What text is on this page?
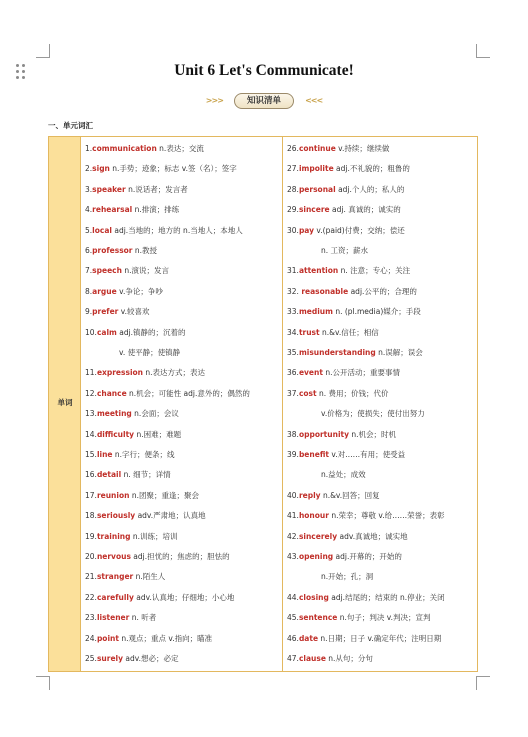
Unit 6 Let's Communicate!
>>>	知识清单	<<<
一、单元词汇
单词
1.communication n.表达；交流
2.sign n.手势；迹象；标志 v.签（名）；签字
3.speaker n.说话者；发言者
4.rehearsal n.排演；排练
5.local adj.当地的；地方的 n.当地人；本地人
6.professor n.教授
7.speech n.演说；发言
8.argue v.争论；争吵
9.prefer v.较喜欢
10.calm adj.镇静的；沉着的
v. 使平静；使镇静
11.expression n.表达方式；表达
12.chance n.机会；可能性 adj.意外的；偶然的
13.meeting n.会面；会议
14.difficulty n.困难；难题
15.line n.字行；便条；线
16.detail n. 细节；详情
17.reunion n.团聚；重逢；聚会
18.seriously adv.严肃地；认真地
19.training n.训练；培训
20.nervous adj.担忧的；焦虑的；胆怯的
21.stranger n.陌生人
22.carefully adv.认真地；仔细地；小心地
23.listener n. 听者
24.point n.观点；重点 v.指向；瞄准
25.surely adv.想必；必定
26.continue v.持续；继续做
27.impolite adj.不礼貌的；粗鲁的
28.personal adj.个人的；私人的
29.sincere adj. 真诚的；诚实的
30.pay v.(paid)付费；交纳；偿还
n. 工资；薪水
31.attention n. 注意；专心；关注
32. reasonable adj.公平的；合理的
33.medium n. (pl.media)媒介；手段
34.trust n.&v.信任；相信
35.misunderstanding n.误解；误会
36.event n.公开活动；重要事情
37.cost n. 费用；价钱；代价
v.价格为；使损失；使付出努力
38.opportunity n.机会；时机
39.benefit v.对……有用；使受益
n.益处；成效
40.reply n.&v.回答；回复
41.honour n.荣幸；尊敬 v.给……荣誉；表彰
42.sincerely adv.真诚地；诚实地
43.opening adj.开幕的；开始的
n.开始；孔；洞
44.closing adj.结尾的；结束的 n.停业；关闭
45.sentence n.句子；判决 v.判决；宣判
46.date n.日期；日子 v.确定年代；注明日期
47.clause n.从句；分句
